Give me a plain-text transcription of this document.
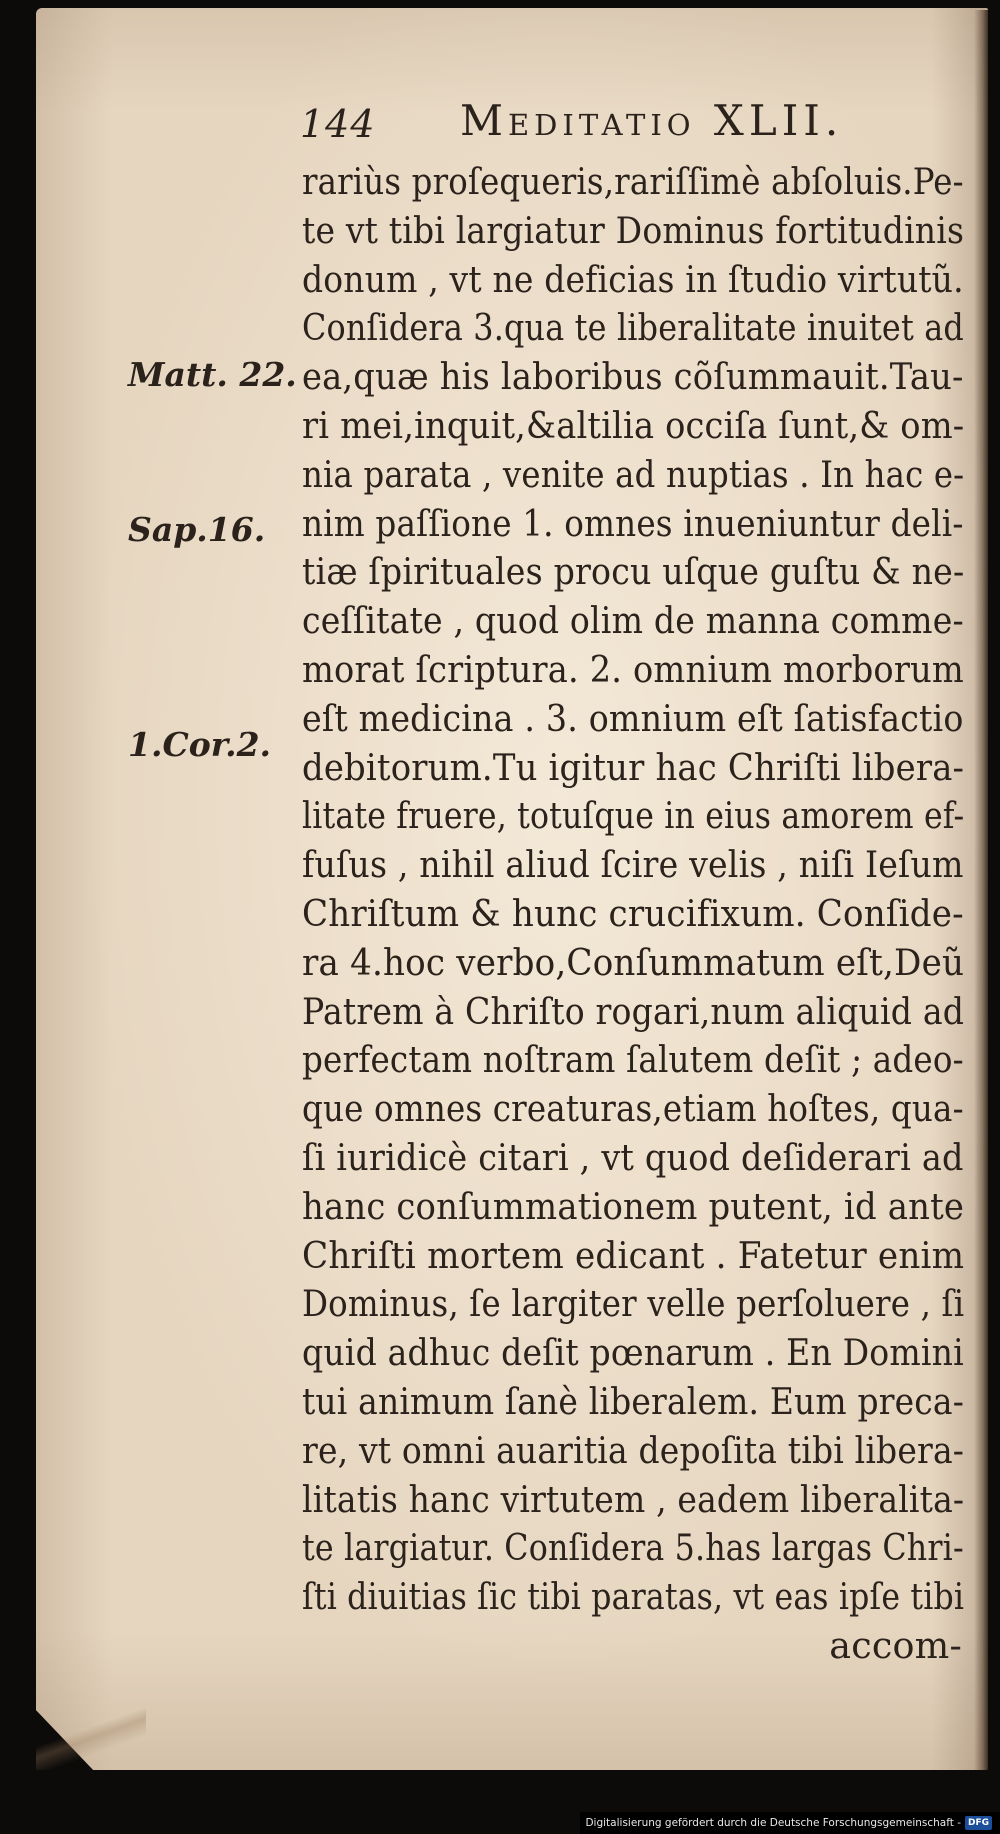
144 Meditatio XLII.
Matt. 22.
Sap.16.
1.Cor.2.
rariùs proſequeris,rariſſimè abſoluis.Pe-
te vt tibi largiatur Dominus fortitudinis
donum , vt ne deficias in ſtudio virtutũ.
Conſidera 3.qua te liberalitate inuitet ad
ea,quæ his laboribus cõſummauit.Tau-
ri mei,inquit,&altilia occiſa ſunt,& om-
nia parata , venite ad nuptias . In hac e-
nim paſſione 1. omnes inueniuntur deli-
tiæ ſpirituales procu uſque guſtu & ne-
ceſſitate , quod olim de manna comme-
morat ſcriptura. 2. omnium morborum
eſt medicina . 3. omnium eſt ſatisfactio
debitorum.Tu igitur hac Chriſti libera-
litate fruere, totuſque in eius amorem ef-
fuſus , nihil aliud ſcire velis , niſi Ieſum
Chriſtum & hunc crucifixum. Conſide-
ra 4.hoc verbo,Conſummatum eſt,Deũ
Patrem à Chriſto rogari,num aliquid ad
perfectam noſtram ſalutem deſit ; adeo-
que omnes creaturas,etiam hoſtes, qua-
ſi iuridicè citari , vt quod deſiderari ad
hanc conſummationem putent, id ante
Chriſti mortem edicant . Fatetur enim
Dominus, ſe largiter velle perſoluere , ſi
quid adhuc deſit pœnarum . En Domini
tui animum ſanè liberalem. Eum preca-
re, vt omni auaritia depoſita tibi libera-
litatis hanc virtutem , eadem liberalita-
te largiatur. Conſidera 5.has largas Chri-
ſti diuitias ſic tibi paratas, vt eas ipſe tibi
accom-
Digitalisierung gefördert durch die Deutsche Forschungsgemeinschaft - DFG
